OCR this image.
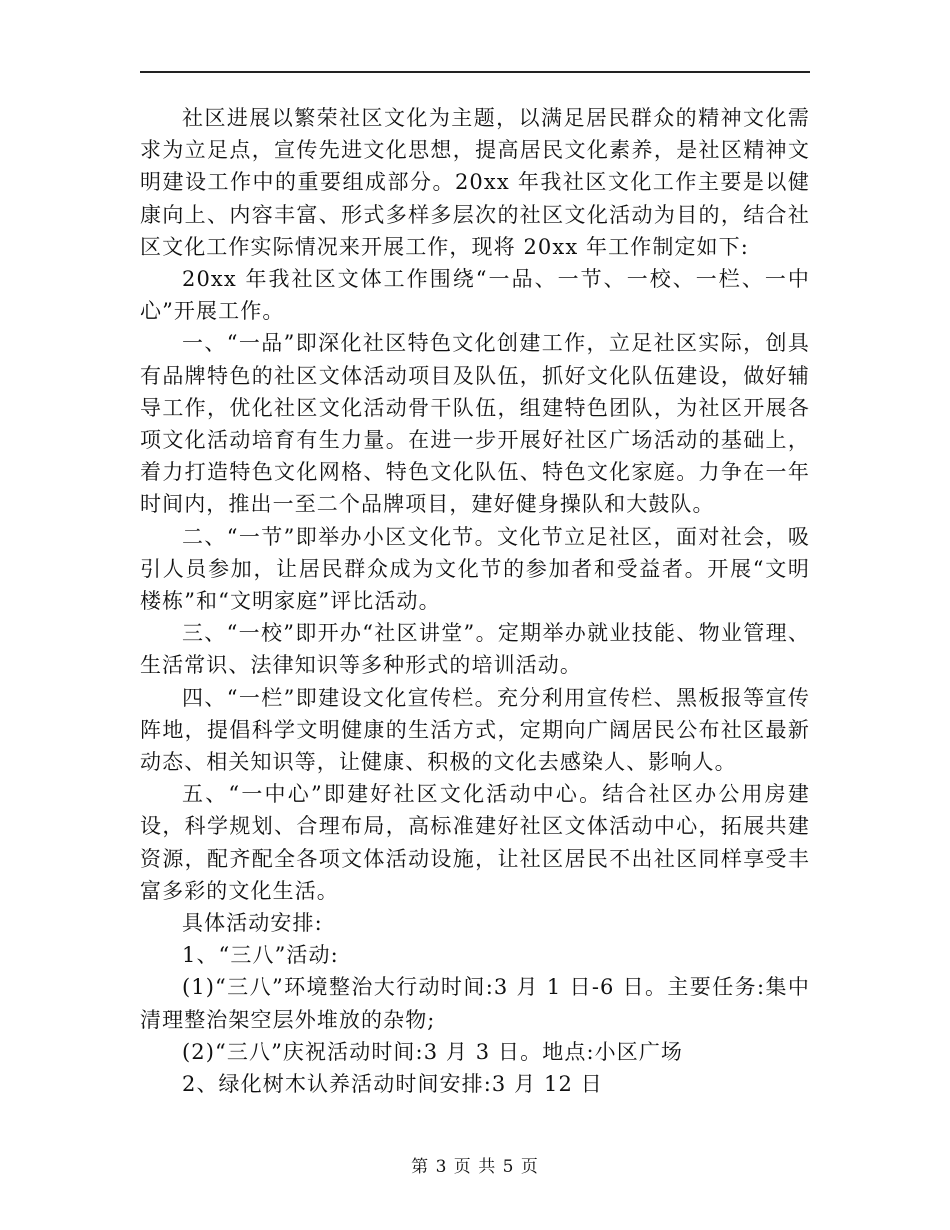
社区进展以繁荣社区文化为主题，以满足居民群众的精神文化需求为立足点，宣传先进文化思想，提高居民文化素养，是社区精神文明建设工作中的重要组成部分。20xx 年我社区文化工作主要是以健康向上、内容丰富、形式多样多层次的社区文化活动为目的，结合社区文化工作实际情况来开展工作，现将 20xx 年工作制定如下:

20xx 年我社区文体工作围绕“一品、一节、一校、一栏、一中心”开展工作。

一、“一品”即深化社区特色文化创建工作，立足社区实际，创具有品牌特色的社区文体活动项目及队伍，抓好文化队伍建设，做好辅导工作，优化社区文化活动骨干队伍，组建特色团队，为社区开展各项文化活动培育有生力量。在进一步开展好社区广场活动的基础上，着力打造特色文化网格、特色文化队伍、特色文化家庭。力争在一年时间内，推出一至二个品牌项目，建好健身操队和大鼓队。

二、“一节”即举办小区文化节。文化节立足社区，面对社会，吸引人员参加，让居民群众成为文化节的参加者和受益者。开展“文明楼栋”和“文明家庭”评比活动。

三、“一校”即开办“社区讲堂”。定期举办就业技能、物业管理、生活常识、法律知识等多种形式的培训活动。

四、“一栏”即建设文化宣传栏。充分利用宣传栏、黑板报等宣传阵地，提倡科学文明健康的生活方式，定期向广阔居民公布社区最新动态、相关知识等，让健康、积极的文化去感染人、影响人。

五、“一中心”即建好社区文化活动中心。结合社区办公用房建设，科学规划、合理布局，高标准建好社区文体活动中心，拓展共建资源，配齐配全各项文体活动设施，让社区居民不出社区同样享受丰富多彩的文化生活。

具体活动安排:

1、“三八”活动:

(1)“三八”环境整治大行动时间:3 月 1 日-6 日。主要任务:集中清理整治架空层外堆放的杂物;

(2)“三八”庆祝活动时间:3 月 3 日。地点:小区广场

2、绿化树木认养活动时间安排:3 月 12 日

第 3 页 共 5 页
